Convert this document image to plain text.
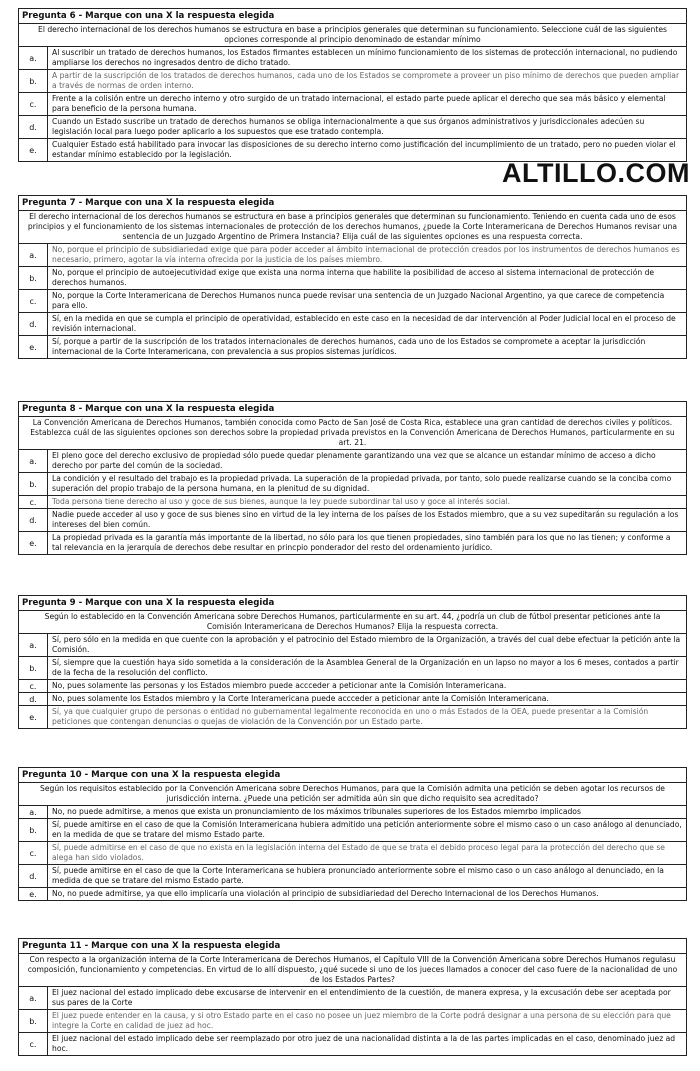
Pregunta 6 - Marque con una X la respuesta elegida
El derecho internacional de los derechos humanos se estructura en base a principios generales que determinan su funcionamiento. Seleccione cuál de las siguientes opciones corresponde al principio denominado de estandar mínimo
a.
Al suscribir un tratado de derechos humanos, los Estados firmantes establecen un mínimo funcionamiento de los sistemas de protección internacional, no pudiendo ampliarse los derechos no ingresados dentro de dicho tratado.
b.
A partir de la suscripción de los tratados de derechos humanos, cada uno de los Estados se compromete a proveer un piso mínimo de derechos que pueden ampliar a través de normas de orden interno.
c.
Frente a la colisión entre un derecho interno y otro surgido de un tratado internacional, el estado parte puede aplicar el derecho que sea más básico y elemental para beneficio de la persona humana.
d.
Cuando un Estado suscribe un tratado de derechos humanos se obliga internacionalmente a que sus órganos administrativos y jurisdiccionales adecúen su legislación local para luego poder aplicarlo a los supuestos que ese tratado contempla.
e.
Cualquier Estado está habilitado para invocar las disposiciones de su derecho interno como justificación del incumplimiento de un tratado, pero no pueden violar el estandar mínimo establecido por la legislación.
ALTILLO.COM
Pregunta 7 - Marque con una X la respuesta elegida
El derecho internacional de los derechos humanos se estructura en base a principios generales que determinan su funcionamiento. Teniendo en cuenta cada uno de esos principios y el funcionamiento de los sistemas internacionales de protección de los derechos humanos, ¿puede la Corte Interamericana de Derechos Humanos revisar una sentencia de un Juzgado Argentino de Primera Instancia? Elija cuál de las siguientes opciones es una respuesta correcta.
a.
No, porque el principio de subsidiariedad exige que para poder acceder al ámbito internacional de protección creados por los instrumentos de derechos humanos es necesario, primero, agotar la vía interna ofrecida por la justicia de los países miembro.
b.
No, porque el principio de autoejecutividad exige que exista una norma interna que habilite la posibilidad de acceso al sistema internacional de protección de derechos humanos.
c.
No, porque la Corte Interamericana de Derechos Humanos nunca puede revisar una sentencia de un Juzgado Nacional Argentino, ya que carece de competencia para ello.
d.
Sí, en la medida en que se cumpla el principio de operatividad, establecido en este caso en la necesidad de dar intervención al Poder Judicial local en el proceso de revisión internacional.
e.
Sí, porque a partir de la suscripción de los tratados internacionales de derechos humanos, cada uno de los Estados se compromete a aceptar la jurisdicción internacional de la Corte Interamericana, con prevalencia a sus propios sistemas jurídicos.
Pregunta 8 - Marque con una X la respuesta elegida
La Convención Americana de Derechos Humanos, también conocida como Pacto de San José de Costa Rica, establece una gran cantidad de derechos civiles y políticos. Establezca cuál de las siguientes opciones son derechos sobre la propiedad privada previstos en la Convención Americana de Derechos Humanos, particularmente en su art. 21.
a.
El pleno goce del derecho exclusivo de propiedad sólo puede quedar plenamente garantizando una vez que se alcance un estandar mínimo de acceso a dicho derecho por parte del común de la sociedad.
b.
La condición y el resultado del trabajo es la propiedad privada. La superación de la propiedad privada, por tanto, solo puede realizarse cuando se la conciba como superación del propio trabajo de la persona humana, en la plenitud de su dignidad.
c.	Toda persona tiene derecho al uso y goce de sus bienes, aunque la ley puede subordinar tal uso y goce al interés social.
d.
Nadie puede acceder al uso y goce de sus bienes sino en virtud de la ley interna de los países de los Estados miembro, que a su vez supeditarán su regulación a los intereses del bien común.
e.
La propiedad privada es la garantía más importante de la libertad, no sólo para los que tienen propiedades, sino también para los que no las tienen; y conforme a tal relevancia en la jerarquía de derechos debe resultar en princpio ponderador del resto del ordenamiento jurídico.
Pregunta 9 - Marque con una X la respuesta elegida
Según lo establecido en la Convención Americana sobre Derechos Humanos, particularmente en su art. 44, ¿podría un club de fútbol presentar peticiones ante la Comisión Interamericana de Derechos Humanos? Elija la respuesta correcta.
a.
Sí, pero sólo en la medida en que cuente con la aprobación y el patrocinio del Estado miembro de la Organización, a través del cual debe efectuar la petición ante la Comisión.
b.
Sí, siempre que la cuestión haya sido sometida a la consideración de la Asamblea General de la Organización en un lapso no mayor a los 6 meses, contados a partir de la fecha de la resolución del conflicto.
c.	No, pues solamente las personas y los Estados miembro puede accceder a peticionar ante la Comisión Interamericana.
d.	No, pues solamente los Estados miembro y la Corte Interamericana puede accceder a peticionar ante la Comisión Interamericana.
e.
Sí, ya que cualquier grupo de personas o entidad no gubernamental legalmente reconocida en uno o más Estados de la OEA, puede presentar a la Comisión peticiones que contengan denuncias o quejas de violación de la Convención por un Estado parte.
Pregunta 10 - Marque con una X la respuesta elegida
Según los requisitos establecido por la Convención Americana sobre Derechos Humanos, para que la Comisión admita una petición se deben agotar los recursos de jurisdicción interna. ¿Puede una petición ser admitida aún sin que dicho requisito sea acreditado?
a.	No, no puede admitirse, a menos que exista un pronunciamiento de los máximos tribunales superiores de los Estados miemrbo implicados
b.
Sí, puede amitirse en el caso de que la Comisión Interamericana hubiera admitido una petición anteriormente sobre el mismo caso o un caso análogo al denunciado, en la medida de que se tratare del mismo Estado parte.
c.
Sí, puede admitirse en el caso de que no exista en la legislación interna del Estado de que se trata el debido proceso legal para la protección del derecho que se alega han sido violados.
d.
Sí, puede amitirse en el caso de que la Corte Interamericana se hubiera pronunciado anteriormente sobre el mismo caso o un caso análogo al denunciado, en la medida de que se tratare del mismo Estado parte.
e.	No, no puede admitirse, ya que ello implicaría una violación al principio de subsidiariedad del Derecho Internacional de los Derechos Humanos.
Pregunta 11 - Marque con una X la respuesta elegida
Con respecto a la organización interna de la Corte Interamericana de Derechos Humanos, el Capítulo VIII de la Convención Americana sobre Derechos Humanos regulasu composición, funcionamiento y competencias. En virtud de lo allí dispuesto, ¿qué sucede si uno de los jueces llamados a conocer del caso fuere de la nacionalidad de uno de los Estados Partes?
a.
El juez nacional del estado implicado debe excusarse de intervenir en el entendimiento de la cuestión, de manera expresa, y la excusación debe ser aceptada por sus pares de la Corte
b.
El juez puede entender en la causa, y si otro Estado parte en el caso no posee un juez miembro de la Corte podrá designar a una persona de su elección para que integre la Corte en calidad de juez ad hoc.
c.
El juez nacional del estado implicado debe ser reemplazado por otro juez de una nacionalidad distinta a la de las partes implicadas en el caso, denominado juez ad hoc.
